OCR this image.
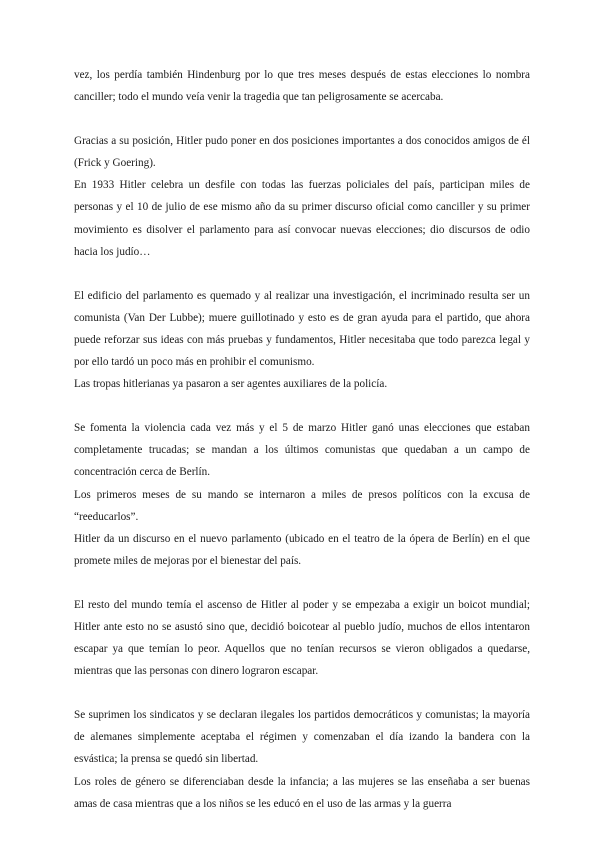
vez, los perdía también Hindenburg por lo que tres meses después de estas elecciones lo nombra canciller; todo el mundo veía venir la tragedia que tan peligrosamente se acercaba.

Gracias a su posición, Hitler pudo poner en dos posiciones importantes a dos conocidos amigos de él (Frick y Goering).

En 1933 Hitler celebra un desfile con todas las fuerzas policiales del país, participan miles de personas y el 10 de julio de ese mismo año da su primer discurso oficial como canciller y su primer movimiento es disolver el parlamento para así convocar nuevas elecciones; dio discursos de odio hacia los judío…

El edificio del parlamento es quemado y al realizar una investigación, el incriminado resulta ser un comunista (Van Der Lubbe); muere guillotinado y esto es de gran ayuda para el partido, que ahora puede reforzar sus ideas con más pruebas y fundamentos, Hitler necesitaba que todo parezca legal y por ello tardó un poco más en prohibir el comunismo.

Las tropas hitlerianas ya pasaron a ser agentes auxiliares de la policía.

Se fomenta la violencia cada vez más y el 5 de marzo Hitler ganó unas elecciones que estaban completamente trucadas; se mandan a los últimos comunistas que quedaban a un campo de concentración cerca de Berlín.

Los primeros meses de su mando se internaron a miles de presos políticos con la excusa de “reeducarlos”.

Hitler da un discurso en el nuevo parlamento (ubicado en el teatro de la ópera de Berlín) en el que promete miles de mejoras por el bienestar del país.

El resto del mundo temía el ascenso de Hitler al poder y se empezaba a exigir un boicot mundial; Hitler ante esto no se asustó sino que, decidió boicotear al pueblo judío, muchos de ellos intentaron escapar ya que temían lo peor. Aquellos que no tenían recursos se vieron obligados a quedarse, mientras que las personas con dinero lograron escapar.

Se suprimen los sindicatos y se declaran ilegales los partidos democráticos y comunistas; la mayoría de alemanes simplemente aceptaba el régimen y comenzaban el día izando la bandera con la esvástica; la prensa se quedó sin libertad.

Los roles de género se diferenciaban desde la infancia; a las mujeres se las enseñaba a ser buenas amas de casa mientras que a los niños se les educó en el uso de las armas y la guerra
